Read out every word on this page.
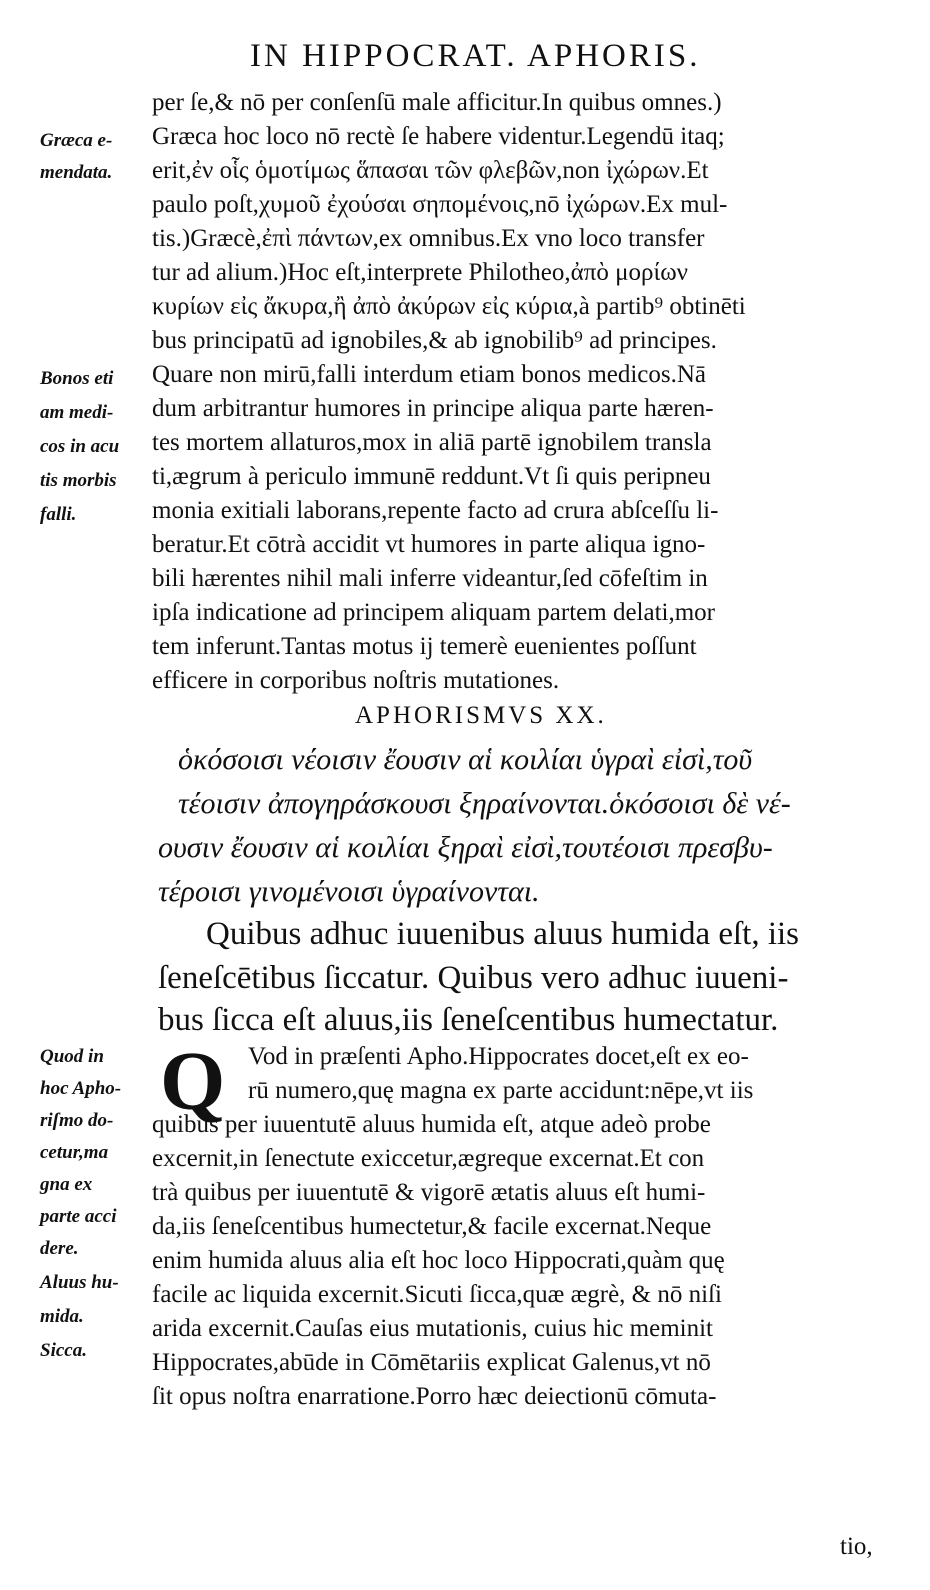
IN HIPPOCRAT. APHORIS.
per ſe,& nō per conſenſū male afficitur.In quibus omnes.)
Græca hoc loco nō rectè ſe habere videntur.Legendū itaq;
erit,ἐν οἷς ὁμοτίμως ἅπασαι τῶν φλεβῶν,non ἰχώρων.Et
paulo poſt,χυμοῦ ἐχούσαι σηπομένοις,nō ἰχώρων.Ex mul-
tis.)Græcè,ἐπὶ πάντων,ex omnibus.Ex vno loco transfer
tur ad alium.)Hoc eſt,interprete Philotheo,ἀπὸ μορίων
κυρίων εἰς ἄκυρα,ἢ ἀπὸ ἀκύρων εἰς κύρια,à partib⁹ obtinēti
bus principatū ad ignobiles,& ab ignobilib⁹ ad principes.
Quare non mirū,falli interdum etiam bonos medicos.Nā
dum arbitrantur humores in principe aliqua parte hæren-
tes mortem allaturos,mox in aliā partē ignobilem transla
ti,ægrum à periculo immunē reddunt.Vt ſi quis peripneu
monia exitiali laborans,repente facto ad crura abſceſſu li-
beratur.Et cōtrà accidit vt humores in parte aliqua igno-
bili hærentes nihil mali inferre videantur,ſed cōfeſtim in
ipſa indicatione ad principem aliquam partem delati,mor
tem inferunt.Tantas motus ij temerè euenientes poſſunt
efficere in corporibus noſtris mutationes.
Græca e-
mendata.
Bonos eti
am medi-
cos in acu
tis morbis
falli.
APHORISMVS XX.
ὁκόσοισι νέοισιν ἔουσιν αἱ κοιλίαι ὑγραὶ εἰσὶ,τοῦ
τέοισιν ἀπογηράσκουσι ξηραίνονται.ὁκόσοισι δὲ νέ-
ουσιν ἔουσιν αἱ κοιλίαι ξηραὶ εἰσὶ,τουτέοισι πρεσβυ-
τέροισι γινομένοισι ὑγραίνονται.
Quibus adhuc iuuenibus aluus humida eſt, iis
ſeneſcētibus ſiccatur. Quibus vero adhuc iuueni-
bus ſicca eſt aluus,iis ſeneſcentibus humectatur.
Q Vod in præſenti Apho.Hippocrates docet,eſt ex eo-
rū numero,quę magna ex parte accidunt:nēpe,vt iis
quibus per iuuentutē aluus humida eſt, atque adeò probe
excernit,in ſenectute exiccetur,ægreque excernat.Et con
trà quibus per iuuentutē & vigorē ætatis aluus eſt humi-
da,iis ſeneſcentibus humectetur,& facile excernat.Neque
enim humida aluus alia eſt hoc loco Hippocrati,quàm quę
facile ac liquida excernit.Sicuti ſicca,quæ ægrè, & nō niſi
arida excernit.Cauſas eius mutationis, cuius hic meminit
Hippocrates,abūde in Cōmētariis explicat Galenus,vt nō
ſit opus noſtra enarratione.Porro hæc deiectionū cōmuta-
Quod in
hoc Apho-
riſmo do-
cetur,ma
gna ex
parte acci
dere.
Aluus hu-
mida.
Sicca.
tio,
